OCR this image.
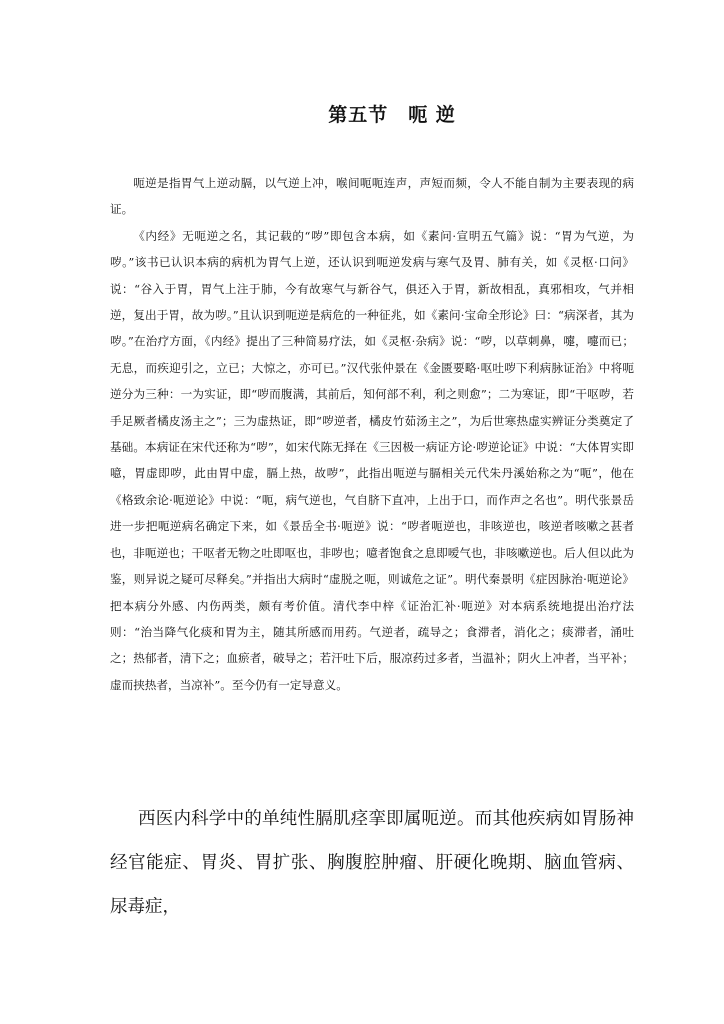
第五节　呃 逆

呃逆是指胃气上逆动膈，以气逆上冲，喉间呃呃连声，声短而频，令人不能自制为主要表现的病证。

《内经》无呃逆之名，其记载的“哕”即包含本病，如《素问·宣明五气篇》说：“胃为气逆，为哕。”该书已认识本病的病机为胃气上逆，还认识到呃逆发病与寒气及胃、肺有关，如《灵枢·口问》说：“谷入于胃，胃气上注于肺，今有故寒气与新谷气，俱还入于胃，新故相乱，真邪相攻，气并相逆，复出于胃，故为哕。”且认识到呃逆是病危的一种征兆，如《素问·宝命全形论》曰：“病深者，其为哕。”在治疗方面，《内经》提出了三种简易疗法，如《灵枢·杂病》说：“哕，以草刺鼻，嚏，嚏而已；无息，而疾迎引之，立已；大惊之，亦可已。”汉代张仲景在《金匮要略·呕吐哕下利病脉证治》中将呃逆分为三种：一为实证，即“哕而腹满，其前后，知何部不利，利之则愈”；二为寒证，即“干呕哕，若手足厥者橘皮汤主之”；三为虚热证，即“哕逆者，橘皮竹茹汤主之”，为后世寒热虚实辨证分类奠定了基础。本病证在宋代还称为“哕”，如宋代陈无择在《三因极一病证方论·哕逆论证》中说：“大体胃实即噫，胃虚即哕，此由胃中虚，膈上热，故哕”，此指出呃逆与膈相关元代朱丹溪始称之为“呃”，他在《格致余论·呃逆论》中说：“呃，病气逆也，气自脐下直冲，上出于口，而作声之名也”。明代张景岳进一步把呃逆病名确定下来，如《景岳全书·呃逆》说：“哕者呃逆也，非咳逆也，咳逆者咳嗽之甚者也，非呃逆也；干呕者无物之吐即呕也，非哕也；噫者饱食之息即嗳气也，非咳嗽逆也。后人但以此为鉴，则异说之疑可尽释矣。”并指出大病时“虚脱之呃，则诚危之证”。明代秦景明《症因脉治·呃逆论》把本病分外感、内伤两类，颇有考价值。清代李中梓《证治汇补·呃逆》对本病系统地提出治疗法则：“治当降气化痰和胃为主，随其所感而用药。气逆者，疏导之；食滞者，消化之；痰滞者，涌吐之；热郁者，清下之；血瘀者，破导之；若汗吐下后，服凉药过多者，当温补；阴火上冲者，当平补；虚而挟热者，当凉补”。至今仍有一定导意义。

西医内科学中的单纯性膈肌痉挛即属呃逆。而其他疾病如胃肠神经官能症、胃炎、胃扩张、胸腹腔肿瘤、肝硬化晚期、脑血管病、尿毒症，
